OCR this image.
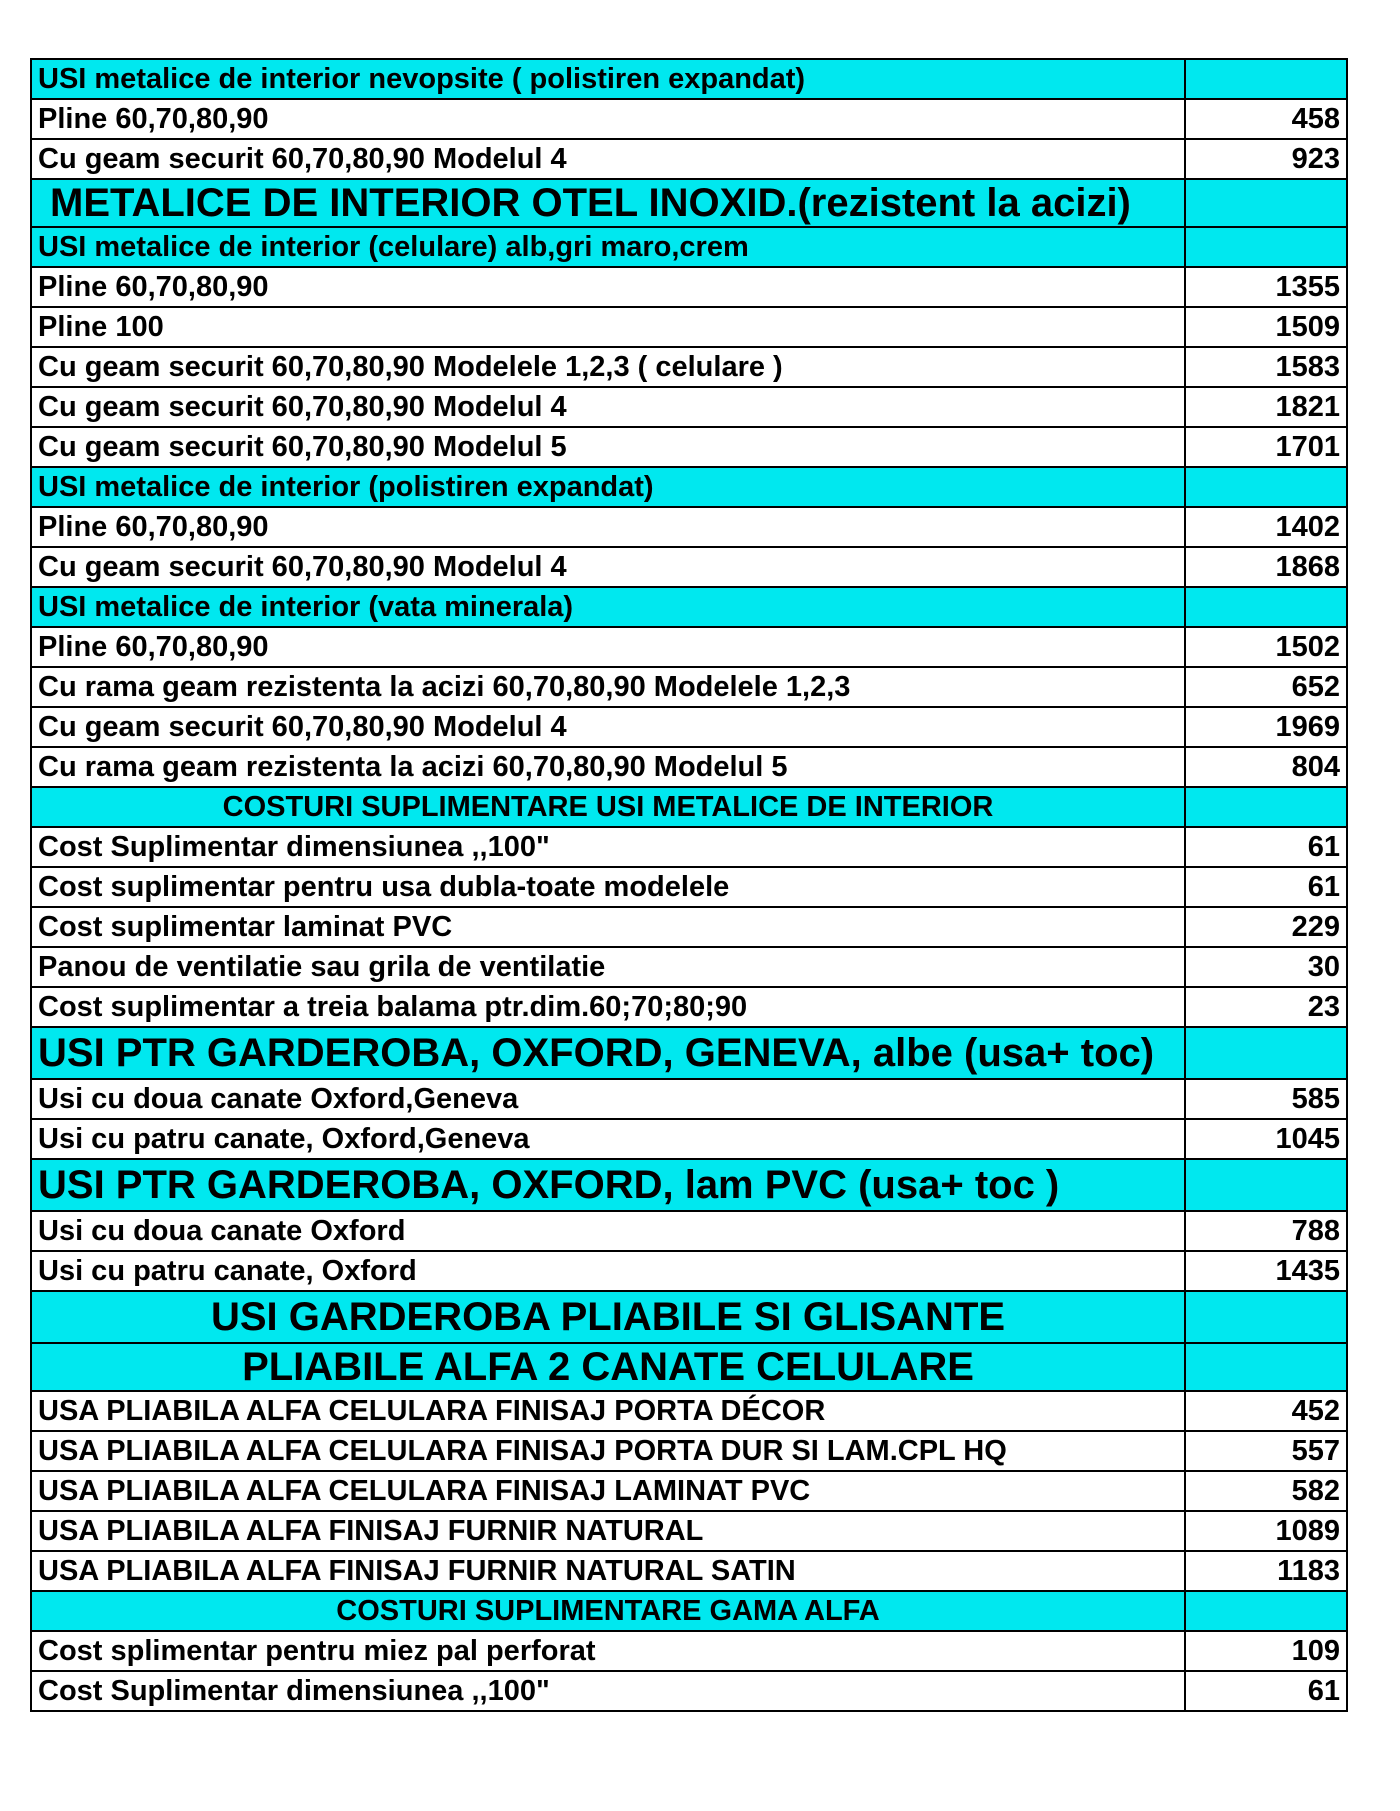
USI metalice de interior nevopsite ( polistiren expandat)	
Pline 60,70,80,90	458
Cu geam securit 60,70,80,90 Modelul 4	923
METALICE DE INTERIOR OTEL INOXID.(rezistent la acizi)	
USI metalice de interior (celulare) alb,gri maro,crem	
Pline 60,70,80,90	1355
Pline 100	1509
Cu geam securit 60,70,80,90 Modelele 1,2,3 ( celulare )	1583
Cu geam securit 60,70,80,90 Modelul 4	1821
Cu geam securit 60,70,80,90 Modelul 5	1701
USI metalice de interior (polistiren expandat)	
Pline 60,70,80,90	1402
Cu geam securit 60,70,80,90 Modelul 4	1868
USI metalice de interior (vata minerala)	
Pline 60,70,80,90	1502
Cu rama geam rezistenta la acizi 60,70,80,90 Modelele 1,2,3	652
Cu geam securit 60,70,80,90 Modelul 4	1969
Cu rama geam rezistenta la acizi 60,70,80,90 Modelul 5	804
COSTURI SUPLIMENTARE USI METALICE DE INTERIOR	
Cost Suplimentar dimensiunea ,,100"	61
Cost suplimentar pentru usa dubla-toate modelele	61
Cost suplimentar laminat PVC	229
Panou de ventilatie sau grila de ventilatie	30
Cost suplimentar a treia balama ptr.dim.60;70;80;90	23
USI PTR GARDEROBA, OXFORD, GENEVA, albe (usa+ toc)	
Usi cu doua canate Oxford,Geneva	585
Usi cu patru canate, Oxford,Geneva	1045
USI PTR GARDEROBA, OXFORD, lam PVC (usa+ toc )	
Usi cu doua canate Oxford	788
Usi cu patru canate, Oxford	1435
USI GARDEROBA PLIABILE SI GLISANTE	
PLIABILE ALFA 2 CANATE CELULARE	
USA PLIABILA ALFA CELULARA FINISAJ PORTA DÉCOR	452
USA PLIABILA ALFA CELULARA FINISAJ PORTA DUR SI LAM.CPL HQ	557
USA PLIABILA ALFA CELULARA FINISAJ LAMINAT PVC	582
USA PLIABILA ALFA FINISAJ FURNIR NATURAL	1089
USA PLIABILA ALFA FINISAJ FURNIR NATURAL SATIN	1183
COSTURI SUPLIMENTARE GAMA ALFA	
Cost splimentar pentru miez pal perforat	109
Cost Suplimentar dimensiunea ,,100"	61
